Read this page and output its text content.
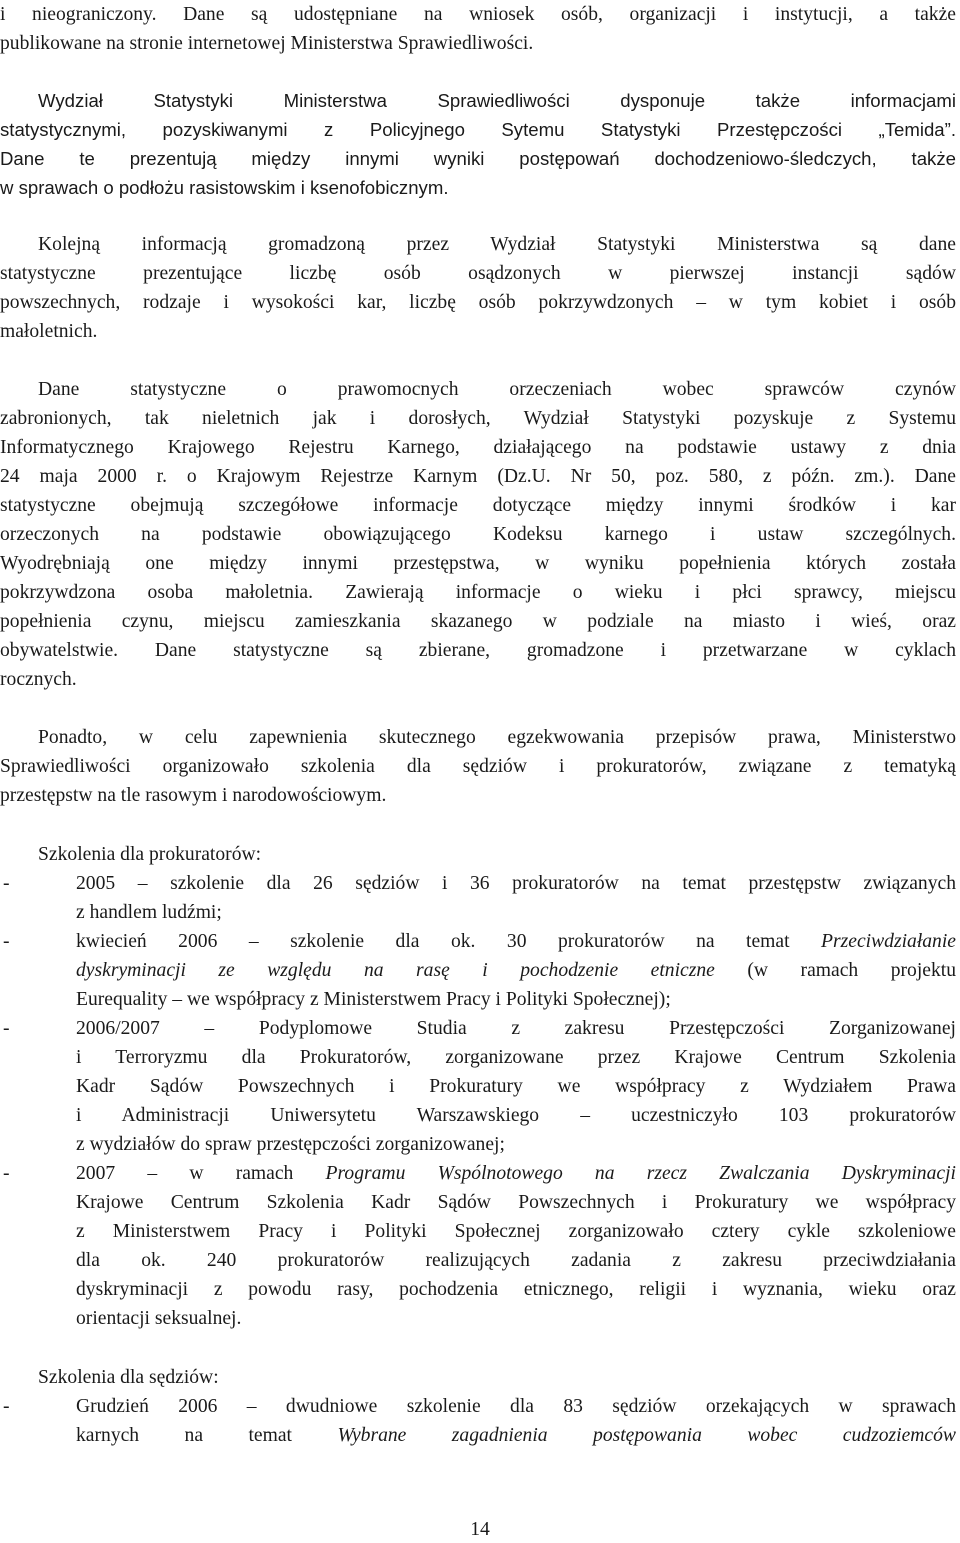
i nieograniczony. Dane są udostępniane na wniosek osób, organizacji i instytucji, a także
publikowane na stronie internetowej Ministerstwa Sprawiedliwości.
Wydział Statystyki Ministerstwa Sprawiedliwości dysponuje także informacjami
statystycznymi, pozyskiwanymi z Policyjnego Sytemu Statystyki Przestępczości „Temida”.
Dane te prezentują między innymi wyniki postępowań dochodzeniowo-śledczych, także
w sprawach o podłożu rasistowskim i ksenofobicznym.
Kolejną informacją gromadzoną przez Wydział Statystyki Ministerstwa są dane
statystyczne prezentujące liczbę osób osądzonych w pierwszej instancji sądów
powszechnych, rodzaje i wysokości kar, liczbę osób pokrzywdzonych – w tym kobiet i osób
małoletnich.
Dane statystyczne o prawomocnych orzeczeniach wobec sprawców czynów
zabronionych, tak nieletnich jak i dorosłych, Wydział Statystyki pozyskuje z Systemu
Informatycznego Krajowego Rejestru Karnego, działającego na podstawie ustawy z dnia
24 maja 2000 r. o Krajowym Rejestrze Karnym (Dz.U. Nr 50, poz. 580, z późn. zm.). Dane
statystyczne obejmują szczegółowe informacje dotyczące między innymi środków i kar
orzeczonych na podstawie obowiązującego Kodeksu karnego i ustaw szczególnych.
Wyodrębniają one między innymi przestępstwa, w wyniku popełnienia których została
pokrzywdzona osoba małoletnia. Zawierają informacje o wieku i płci sprawcy, miejscu
popełnienia czynu, miejscu zamieszkania skazanego w podziale na miasto i wieś, oraz
obywatelstwie. Dane statystyczne są zbierane, gromadzone i przetwarzane w cyklach
rocznych.
Ponadto, w celu zapewnienia skutecznego egzekwowania przepisów prawa, Ministerstwo
Sprawiedliwości organizowało szkolenia dla sędziów i prokuratorów, związane z tematyką
przestępstw na tle rasowym i narodowościowym.
Szkolenia dla prokuratorów:
-	2005 – szkolenie dla 26 sędziów i 36 prokuratorów na temat przestępstw związanych
z handlem ludźmi;
-	kwiecień 2006 – szkolenie dla ok. 30 prokuratorów na temat Przeciwdziałanie
dyskryminacji ze względu na rasę i pochodzenie etniczne (w ramach projektu
Eurequality – we współpracy z Ministerstwem Pracy i Polityki Społecznej);
-	2006/2007 – Podyplomowe Studia z zakresu Przestępczości Zorganizowanej
i Terroryzmu dla Prokuratorów, zorganizowane przez Krajowe Centrum Szkolenia
Kadr Sądów Powszechnych i Prokuratury we współpracy z Wydziałem Prawa
i Administracji Uniwersytetu Warszawskiego – uczestniczyło 103 prokuratorów
z wydziałów do spraw przestępczości zorganizowanej;
-	2007 – w ramach Programu Wspólnotowego na rzecz Zwalczania Dyskryminacji
Krajowe Centrum Szkolenia Kadr Sądów Powszechnych i Prokuratury we współpracy
z Ministerstwem Pracy i Polityki Społecznej zorganizowało cztery cykle szkoleniowe
dla ok. 240 prokuratorów realizujących zadania z zakresu przeciwdziałania
dyskryminacji z powodu rasy, pochodzenia etnicznego, religii i wyznania, wieku oraz
orientacji seksualnej.
Szkolenia dla sędziów:
-	Grudzień 2006 – dwudniowe szkolenie dla 83 sędziów orzekających w sprawach
karnych na temat Wybrane zagadnienia postępowania wobec cudzoziemców
14
